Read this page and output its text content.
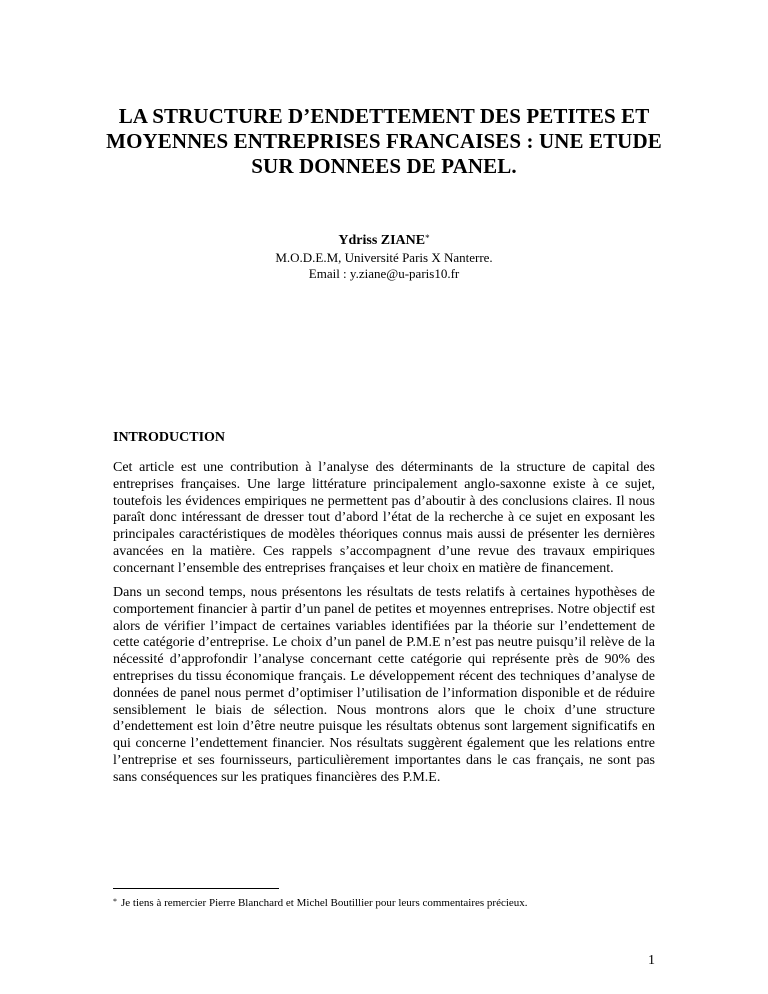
LA STRUCTURE D’ENDETTEMENT DES PETITES ET
MOYENNES ENTREPRISES FRANCAISES : UNE ETUDE
SUR DONNEES DE PANEL.
Ydriss ZIANE*
M.O.D.E.M, Université Paris X Nanterre.
Email : y.ziane@u-paris10.fr
INTRODUCTION

Cet article est une contribution à l’analyse des déterminants de la structure de capital des entreprises françaises. Une large littérature principalement anglo-saxonne existe à ce sujet, toutefois les évidences empiriques ne permettent pas d’aboutir à des conclusions claires. Il nous paraît donc intéressant de dresser tout d’abord l’état de la recherche à ce sujet en exposant les principales caractéristiques de modèles théoriques connus mais aussi de présenter les dernières avancées en la matière. Ces rappels s’accompagnent d’une revue des travaux empiriques concernant l’ensemble des entreprises françaises et leur choix en matière de financement.

Dans un second temps, nous présentons les résultats de tests relatifs à certaines hypothèses de comportement financier à partir d’un panel de petites et moyennes entreprises. Notre objectif est alors de vérifier l’impact de certaines variables identifiées par la théorie sur l’endettement de cette catégorie d’entreprise. Le choix d’un panel de P.M.E n’est pas neutre puisqu’il relève de la nécessité d’approfondir l’analyse concernant cette catégorie qui représente près de 90% des entreprises du tissu économique français. Le développement récent des techniques d’analyse de données de panel nous permet d’optimiser l’utilisation de l’information disponible et de réduire sensiblement le biais de sélection. Nous montrons alors que le choix d’une structure d’endettement est loin d’être neutre puisque les résultats obtenus sont largement significatifs en qui concerne l’endettement financier. Nos résultats suggèrent également que les relations entre l’entreprise et ses fournisseurs, particulièrement importantes dans le cas français, ne sont pas sans conséquences sur les pratiques financières des P.M.E.

* Je tiens à remercier Pierre Blanchard et Michel Boutillier pour leurs commentaires précieux.

1
